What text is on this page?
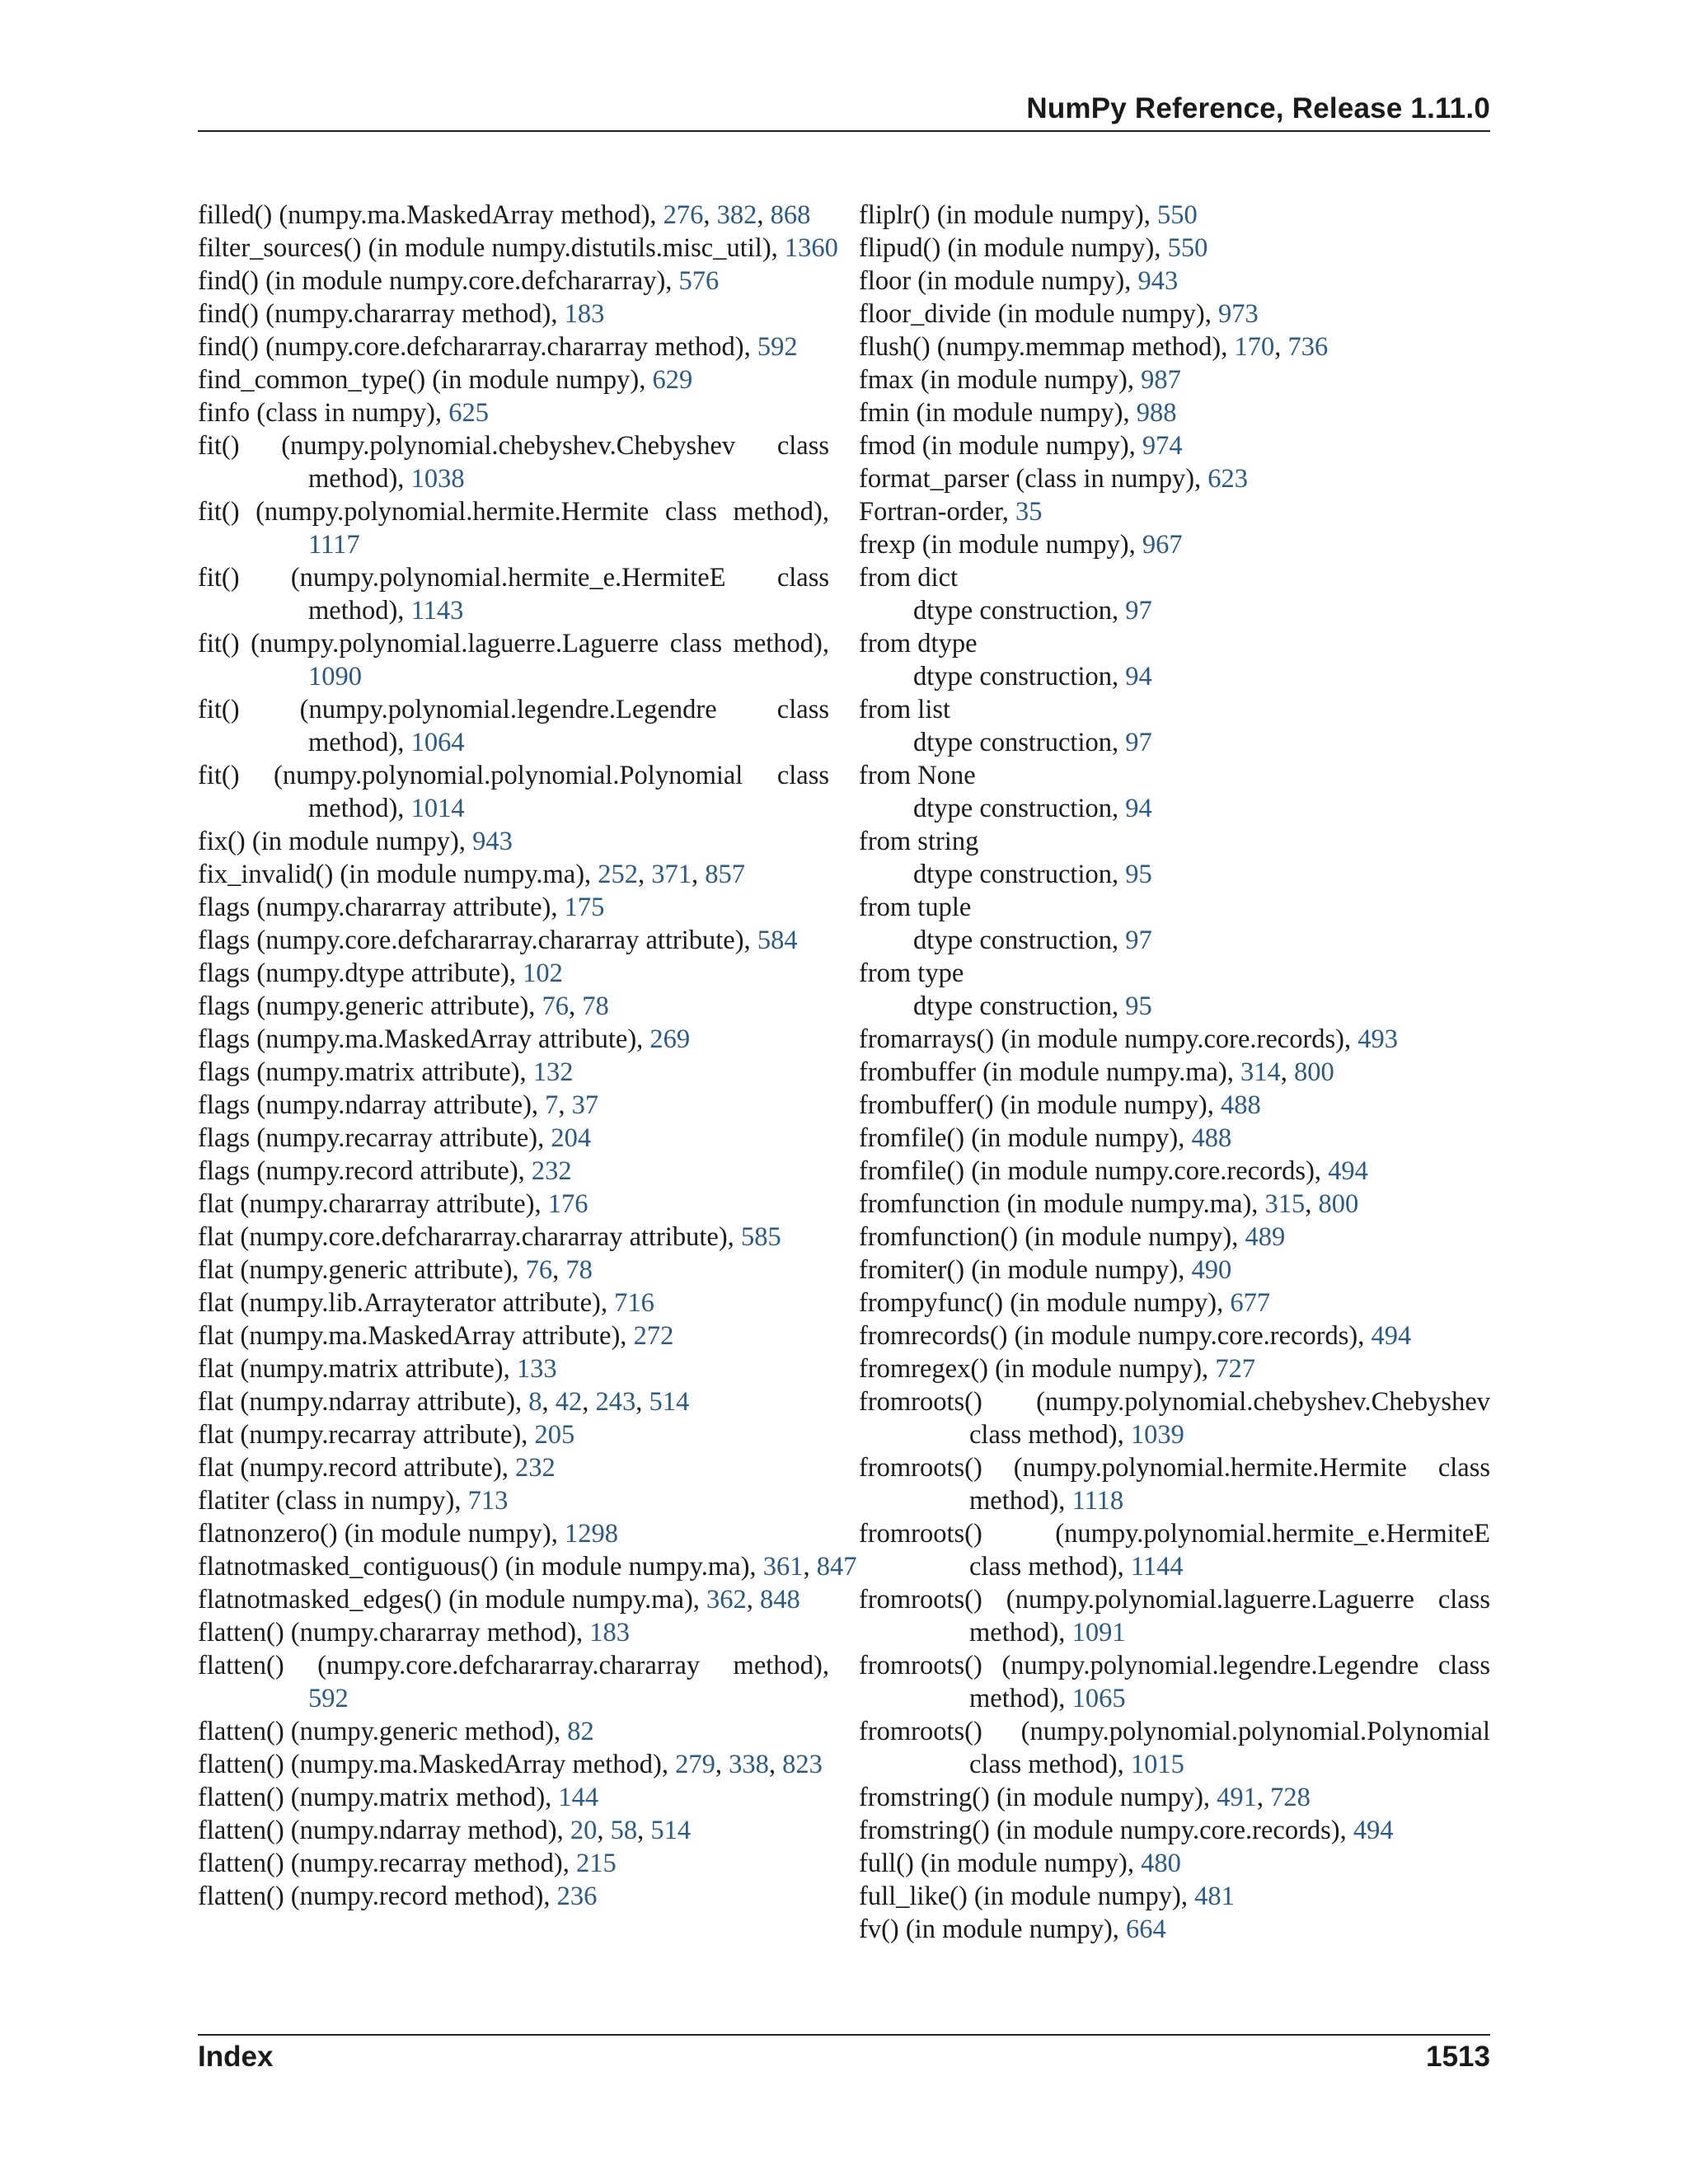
NumPy Reference, Release 1.11.0
filled() (numpy.ma.MaskedArray method), 276, 382, 868
filter_sources() (in module numpy.distutils.misc_util), 1360
find() (in module numpy.core.defchararray), 576
find() (numpy.chararray method), 183
find() (numpy.core.defchararray.chararray method), 592
find_common_type() (in module numpy), 629
finfo (class in numpy), 625
fit() (numpy.polynomial.chebyshev.Chebyshev class
method), 1038
fit() (numpy.polynomial.hermite.Hermite class method),
1117
fit() (numpy.polynomial.hermite_e.HermiteE class
method), 1143
fit() (numpy.polynomial.laguerre.Laguerre class method),
1090
fit() (numpy.polynomial.legendre.Legendre class
method), 1064
fit() (numpy.polynomial.polynomial.Polynomial class
method), 1014
fix() (in module numpy), 943
fix_invalid() (in module numpy.ma), 252, 371, 857
flags (numpy.chararray attribute), 175
flags (numpy.core.defchararray.chararray attribute), 584
flags (numpy.dtype attribute), 102
flags (numpy.generic attribute), 76, 78
flags (numpy.ma.MaskedArray attribute), 269
flags (numpy.matrix attribute), 132
flags (numpy.ndarray attribute), 7, 37
flags (numpy.recarray attribute), 204
flags (numpy.record attribute), 232
flat (numpy.chararray attribute), 176
flat (numpy.core.defchararray.chararray attribute), 585
flat (numpy.generic attribute), 76, 78
flat (numpy.lib.Arrayterator attribute), 716
flat (numpy.ma.MaskedArray attribute), 272
flat (numpy.matrix attribute), 133
flat (numpy.ndarray attribute), 8, 42, 243, 514
flat (numpy.recarray attribute), 205
flat (numpy.record attribute), 232
flatiter (class in numpy), 713
flatnonzero() (in module numpy), 1298
flatnotmasked_contiguous() (in module numpy.ma), 361, 847
flatnotmasked_edges() (in module numpy.ma), 362, 848
flatten() (numpy.chararray method), 183
flatten() (numpy.core.defchararray.chararray method),
592
flatten() (numpy.generic method), 82
flatten() (numpy.ma.MaskedArray method), 279, 338, 823
flatten() (numpy.matrix method), 144
flatten() (numpy.ndarray method), 20, 58, 514
flatten() (numpy.recarray method), 215
flatten() (numpy.record method), 236
fliplr() (in module numpy), 550
flipud() (in module numpy), 550
floor (in module numpy), 943
floor_divide (in module numpy), 973
flush() (numpy.memmap method), 170, 736
fmax (in module numpy), 987
fmin (in module numpy), 988
fmod (in module numpy), 974
format_parser (class in numpy), 623
Fortran-order, 35
frexp (in module numpy), 967
from dict
dtype construction, 97
from dtype
dtype construction, 94
from list
dtype construction, 97
from None
dtype construction, 94
from string
dtype construction, 95
from tuple
dtype construction, 97
from type
dtype construction, 95
fromarrays() (in module numpy.core.records), 493
frombuffer (in module numpy.ma), 314, 800
frombuffer() (in module numpy), 488
fromfile() (in module numpy), 488
fromfile() (in module numpy.core.records), 494
fromfunction (in module numpy.ma), 315, 800
fromfunction() (in module numpy), 489
fromiter() (in module numpy), 490
frompyfunc() (in module numpy), 677
fromrecords() (in module numpy.core.records), 494
fromregex() (in module numpy), 727
fromroots() (numpy.polynomial.chebyshev.Chebyshev
class method), 1039
fromroots() (numpy.polynomial.hermite.Hermite class
method), 1118
fromroots() (numpy.polynomial.hermite_e.HermiteE
class method), 1144
fromroots() (numpy.polynomial.laguerre.Laguerre class
method), 1091
fromroots() (numpy.polynomial.legendre.Legendre class
method), 1065
fromroots() (numpy.polynomial.polynomial.Polynomial
class method), 1015
fromstring() (in module numpy), 491, 728
fromstring() (in module numpy.core.records), 494
full() (in module numpy), 480
full_like() (in module numpy), 481
fv() (in module numpy), 664
Index	1513
